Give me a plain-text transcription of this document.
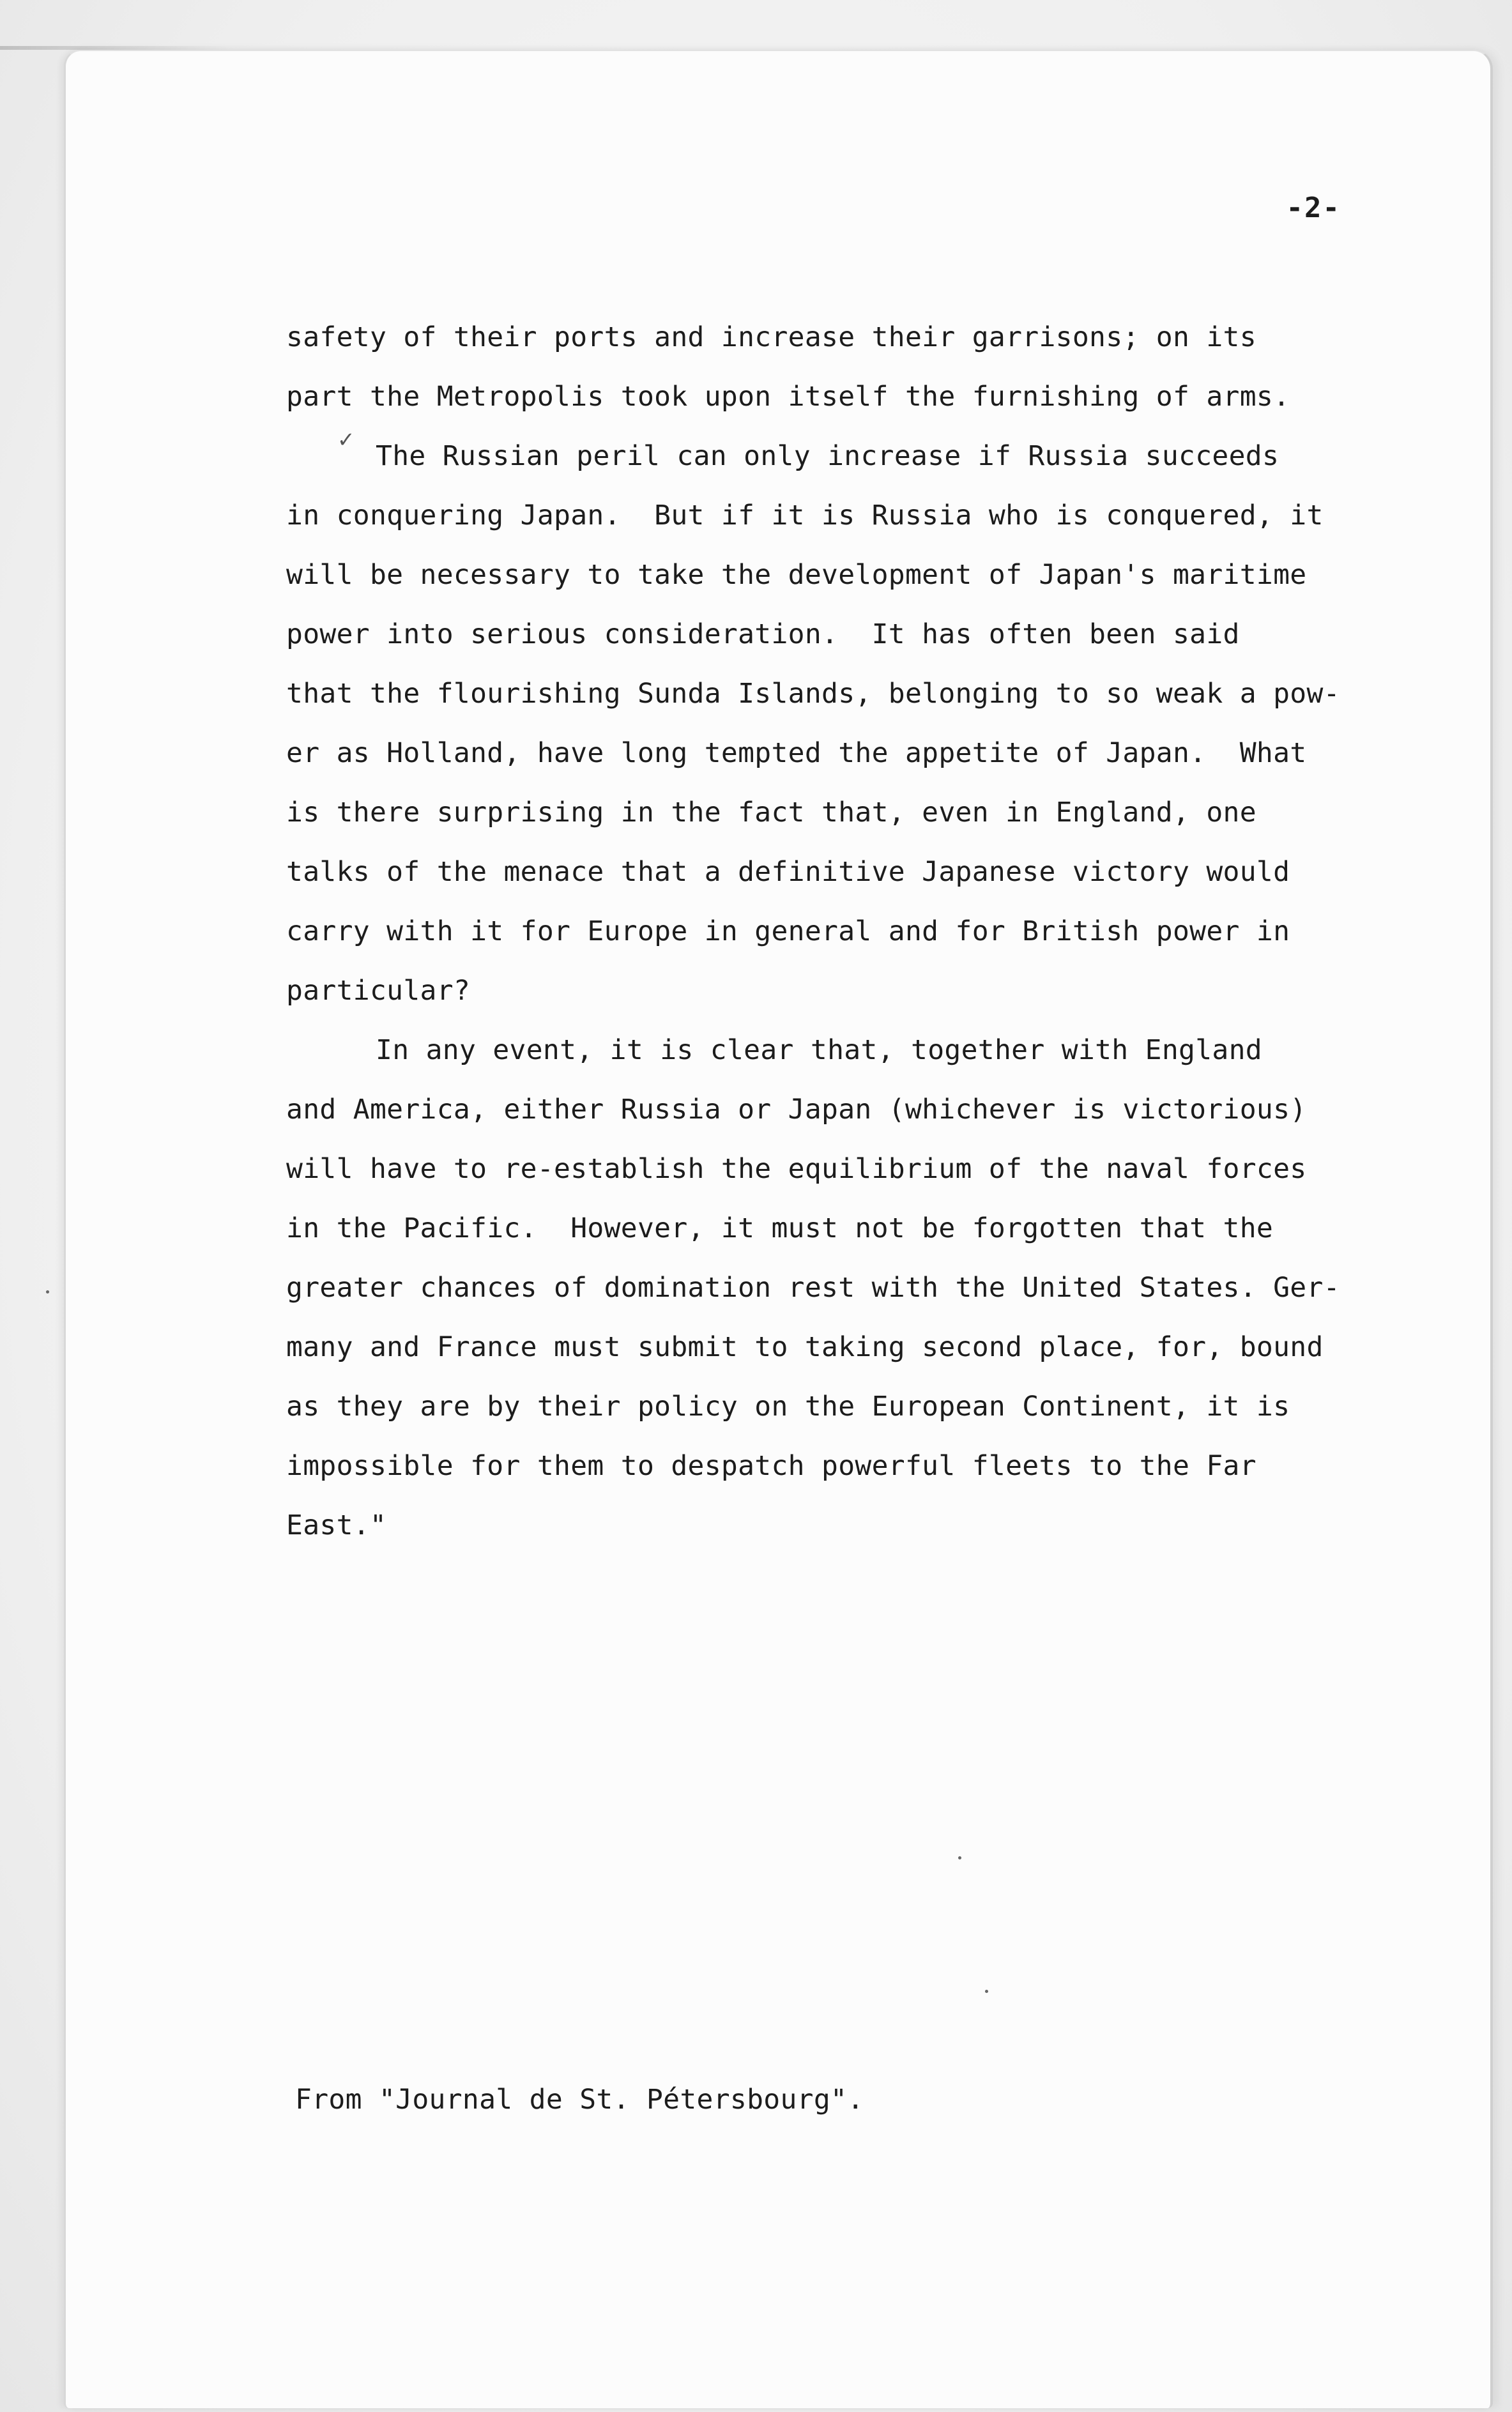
-2-
✓
safety of their ports and increase their garrisons; on its
part the Metropolis took upon itself the furnishing of arms.
The Russian peril can only increase if Russia succeeds
in conquering Japan.  But if it is Russia who is conquered, it
will be necessary to take the development of Japan's maritime
power into serious consideration.  It has often been said
that the flourishing Sunda Islands, belonging to so weak a pow-
er as Holland, have long tempted the appetite of Japan.  What
is there surprising in the fact that, even in England, one
talks of the menace that a definitive Japanese victory would
carry with it for Europe in general and for British power in
particular?
In any event, it is clear that, together with England
and America, either Russia or Japan (whichever is victorious)
will have to re-establish the equilibrium of the naval forces
in the Pacific.  However, it must not be forgotten that the
greater chances of domination rest with the United States. Ger-
many and France must submit to taking second place, for, bound
as they are by their policy on the European Continent, it is
impossible for them to despatch powerful fleets to the Far
East."
From "Journal de St. Pétersbourg".
